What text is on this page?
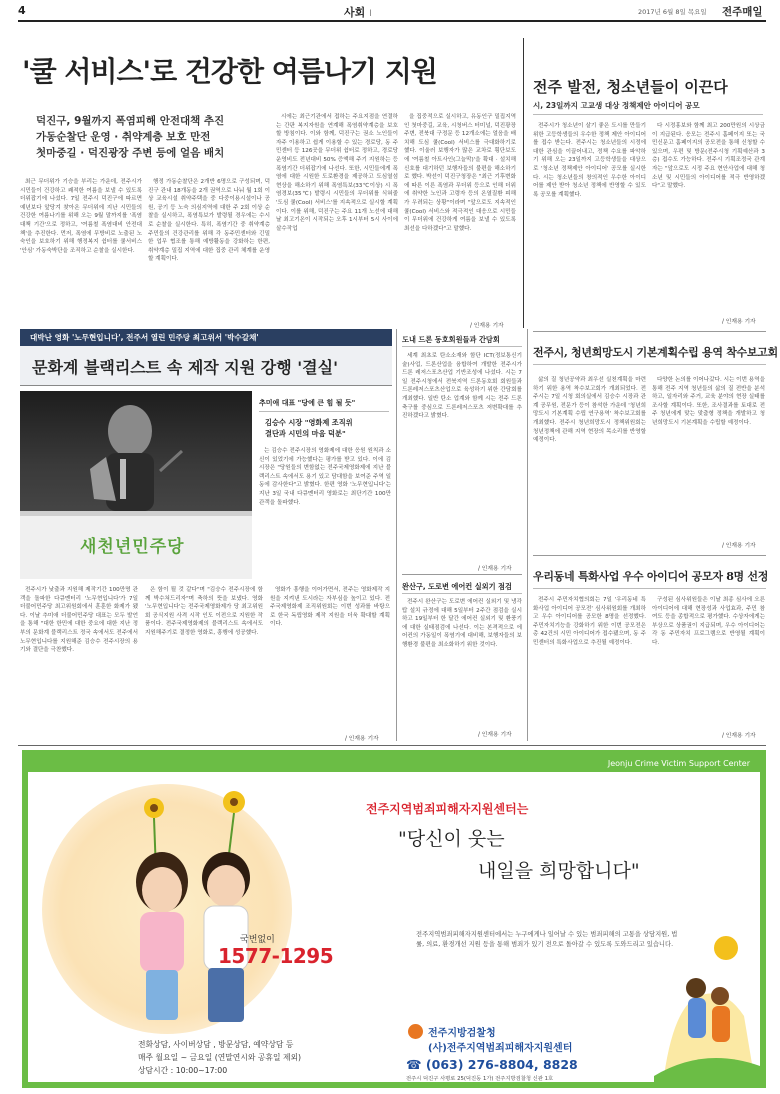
4	사회 I	2017년 6월 8일 목요일 전주매일
'쿨 서비스'로 건강한 여름나기 지원
덕진구, 9월까지 폭염피해 안전대책 추진
가동순찰단 운영 · 취약계층 보호 만전
첫마중길 · 덕진광장 주변 등에 얼음 배치

최근 무더위가 기승을 부리는 가운데, 전주시가 시민들이 건강하고 쾌적한 여름을 보낼 수 있도록 더위잡기에 나섰다. 7일 전주시 덕진구에 따르면 예년보다 앞당겨 찾아온 무더위에 지난 시민들의 건강한 여름나기를 위해 오는 9월 말까지를 '폭염대책 기간'으로 정하고, '여름철 폭염대비 안전대책'을 추진한다. 먼저, 폭염에 무방비로 노출된 노숙인을 보호하기 위해 행정복지 쉼터를 쿨서비스 '안심' 가동숙박단을 조직하고 순찰을 실시한다.

행정 가동순찰단은 2개반 6명으로 구성되며, 덕진구 관내 18개동을 2개 권역으로 나눠 월 1회 이상 교육시설 취약주택을 중 다중이용시설이나 공원, 공기 등 노숙 의심지역에 대한 주 2회 이상 순찰을 실시하고, 폭염특보가 발령될 경우에는 수시로 순찰을 실시한다. 특히, 폭염기간 중 취약계층 주민들의 건강관리를 위해 각 동주민센터와 긴밀한 업무 협조를 통해 예방활동을 강화하는 한편, 취약계층 밀집 지역에 대한 집중 관리 체계를 운영할 계획이다.

시에는 최근기관에서 접하는 주요지점을 연결하는 간판 복지자원을 연계해 폭염취약계층을 보호할 방침이다. 이와 함께, 덕진구는 권소 노인들이 자주 이용하고 쉽게 이용할 수 있는 경로당, 동 주민센터 등 126곳을 무더위 쉼터로 정하고, 경로당 운영비도 전년대비 50% 증액해 주기 지원하는 등 폭염기간 더위잡기에 나선다. 또한, 시민들에게 폭염에 대한 시원한 도로환경을 제공하고 도심열섬현상을 해소하기 위해 폭염특보(33℃이상) 시 폭염경보(35℃) 발령시 시민들의 무더위를 식혀줄 '도심 쿨(Cool) 서비스'를 지속적으로 실시할 계획이다. 이를 위해, 덕진구는 주요 11개 노선에 대해 날 최고기온이 시작되는 오후 1시부터 5시 사이에 살수작업

을 집중적으로 실시하고, 유동인구 밀집지역인 첫마중길, 교육, 시청버스 터미널, 덕진광장 주변, 전북대 구정문 등 12개소에는 얼음을 배치해 도심 쿨(Cool) 서비스를 극대화하기로 했다. 이울러 보행자가 많은 교차로 횡단보도에 '여름철 아트사인(그늘막)'을 확대 · 설치해 신호를 대기하던 보행자들의 불편을 해소하기로 했다. 박선이 덕진구청장은 "최근 기후변화에 따른 이른 폭염과 무더위 등으로 인해 더위에 취약한 노인과 고령자 등의 온열질환 피해가 우려되는 상황"이라며 "앞으로도 지속적인 쿨(Cool) 서비스와 적극적인 대응으로 시민들이 무더위에 건강하게 여름을 보낼 수 있도록 최선을 다하겠다"고 말했다.

/ 인재용 기자
전주 발전, 청소년들이 이끈다
시, 23일까지 고교생 대상 정책제안 아이디어 공모

전주시가 청소년이 살기 좋은 도시를 만들기 위한 고등학생들의 우수한 정책 제안 아이디어를 접수 받는다. 전주시는 청소년들의 시정에 대한 관심을 이끌어내고, 정책 수요를 파악하기 위해 오는 23일까지 고등학생들을 대상으로 '청소년 정책제안 아이디어' 공모를 실시한다. 시는 청소년들의 창의적인 우수한 아이디어를 제안 받아 청소년 정책에 반영할 수 있도록 공모를 계획했다.

다 시정홍보와 함께 최고 200만원의 시상금이 지급된다. 응모는 전주시 홈페이지 또는 국민신문고 홈페이지의 공모전을 통해 신청할 수 있으며, 우편 및 방문(전주시청 기획예산과 3층) 접수도 가능하다. 전주시 기획조정국 관계자는 "앞으로도 시정 주요 현안사업에 대해 청소년 및 시민들의 아이디어를 적극 반영하겠다"고 말했다.

/ 인재용 기자
전주시, 청년희망도시 기본계획수립 용역 착수보고회

삶의 질 청년공약과 최우선 실천계획을 마련하기 위한 용역 착수보고회가 개최되었다. 전주시는 7일 시청 회의실에서 김승수 시장과 관계 공무원, 전문가 등이 참석한 가운데 '청년희망도시 기본계획 수립 연구용역' 착수보고회를 개최했다. 전주시 청년희망도시 정책위원회는 청년정책에 관해 지역 현장의 목소리를 반영할 예정이다.

다양한 논의를 이어나갔다. 시는 이번 용역을 통해 전주 지역 청년들의 삶의 질 전반을 분석하고, 일자리와 주거, 교육 분야의 현장 실태를 조사할 계획이다. 또한, 조사결과를 토대로 전주 청년에게 맞는 맞춤형 정책을 개발하고 청년희망도시 기본계획을 수립할 예정이다.

/ 인재용 기자
우리동네 특화사업 우수 아이디어 공모자 8명 선정

전주시 주민자치협의회는 7일 '우리동네 특화사업 아이디어 공모전' 심사위원회를 개최하고 우수 아이디어를 공모한 8명을 선정했다. 주민자치기능을 강화하기 위한 이번 공모전은 총 42건의 시민 아이디어가 접수됐으며, 동 주민센터의 특화사업으로 추진될 예정이다.

구성된 심사위원들은 이날 최종 심사에 오른 아이디어에 대해 현장성과 사업효과, 주민 참여도 등을 종합적으로 평가했다. 수상자에게는 부상으로 상품권이 지급되며, 우수 아이디어는 각 동 주민자치 프로그램으로 반영될 계획이다.

/ 인재용 기자
대박난 영화 '노무현입니다', 전주서 열린 민주당 최고위서 '박수갈채'
문화계 블랙리스트 속 제작 지원 강행 '결실'
새천년민주당
추미애 대표 "당에 큰 힘 될 듯"
김승수 시장 "영화제 조직위
결단과 시민의 마음 덕분"

는 김승수 전주시장의 영화제에 대한 응원 원칙과 소신이 있었기에 가능했다는 평가를 받고 있다. 이에 김 시장은 "당원들의 변함없는 전주국제영화제에 지난 블랙리스트 속에서도 용기 있고 담대함을 보여준 주역 일동에 감사한다"고 밝혔다. 한편 영화 '노무현입니다'는 지난 3일 국내 다큐멘터리 영화로는 최단기간 100만 관객을 돌파했다.

전주시가 낮출과 지원해 제작기간 100만명 관객을 돌파한 다큐멘터리 '노무현입니다'가 7일 더불어민주당 최고위원회에서 훈훈한 화제가 됐다. 이날 추미애 더불어민주당 대표는 모두 발언을 통해 "대한 한민에 대한 중요에 대한 지난 정부의 문화계 블랙리스트 정국 속에서도 전주에서 노무현입니다를 지원해준 김승수 전주시장의 용기와 결단을 극찬했다.

은 함이 될 것 같다"며 "김승수 전주시장에 함께 박수쳐드리자"며 축하의 뜻을 보냈다. 영화 '노무현입니다'는 전주국제영화제가 당 최고위원회 공식지원 사격 시작 인도 이전으로 지원한 작품이다. 전주국제영화제의 블랙리스트 속에서도 지원해주기로 결정한 영화로, 흥행에 성공했다.

영화가 흥행을 이어가면서, 전주는 영화제작 지원을 지켜낸 도시라는 자부심을 높이고 있다. 전주국제영화제 조직위원회는 이번 성과를 바탕으로 한국 독립영화 제작 지원을 더욱 확대할 계획이다.

/ 인재용 기자
도내 드론 동호회원들과 간담회

세계 최초로 탄소소재와 함단 ICT(정보통신기술)사업, 드론산업을 융합하여 개발한 전주시가 드론 레저스포츠산업 기반조성에 나섰다. 시는 7일 전주시청에서 전북지역 드론동호회 회원들과 드론레저스포츠산업으로 육성하기 위한 간담회를 개최했다. 일반 탄소 업계와 함께 시는 전주 드론축구를 중심으로 드론레저스포츠 저변확대를 추진하겠다고 밝혔다.

/ 인재용 기자
완산구, 도로변 에어컨 실외기 점검

전주시 완산구는 도로변 에어컨 실외기 및 냉각탑 설치 규정에 대해 5일부터 2주간 점검을 실시하고 19일부터 한 달간 에어컨 실외기 및 환풍기에 대한 실태점검에 나선다. 이는 본격적으로 에어컨의 가동일이 폭염기에 대비해, 보행자들의 보행환경 불편을 최소화하기 위한 것이다.

/ 인재용 기자
Jeonju Crime Victim Support Center
국번없이
1577-1295
전주지역범죄피해자지원센터는
"당신이 웃는
내일을 희망합니다"
전주지역범죄피해자지원센터에서는 누구에게나 일어날 수 있는 범죄피해의 고통을 상담지원, 법률, 의료, 환경개선 지원 등을 통해 범죄가 있기 전으로 돌아갈 수 있도록 도와드리고 있습니다.
전화상담, 사이버상담 , 방문상담, 예약상담 등
매주 월요일 ~ 금요일 (연말연시와 공휴일 제외)
상담시간 : 10:00~17:00
전주지방검찰청
(사)전주지역범죄피해자지원센터
☎ (063) 276-8804, 8828
전주시 덕진구 사평로 25(덕진동 1가) 전주지방검찰청 신관 1호
홈페이지 : www.jjvs.or.kr • 전자우편 : jjvs@hanmail.net
